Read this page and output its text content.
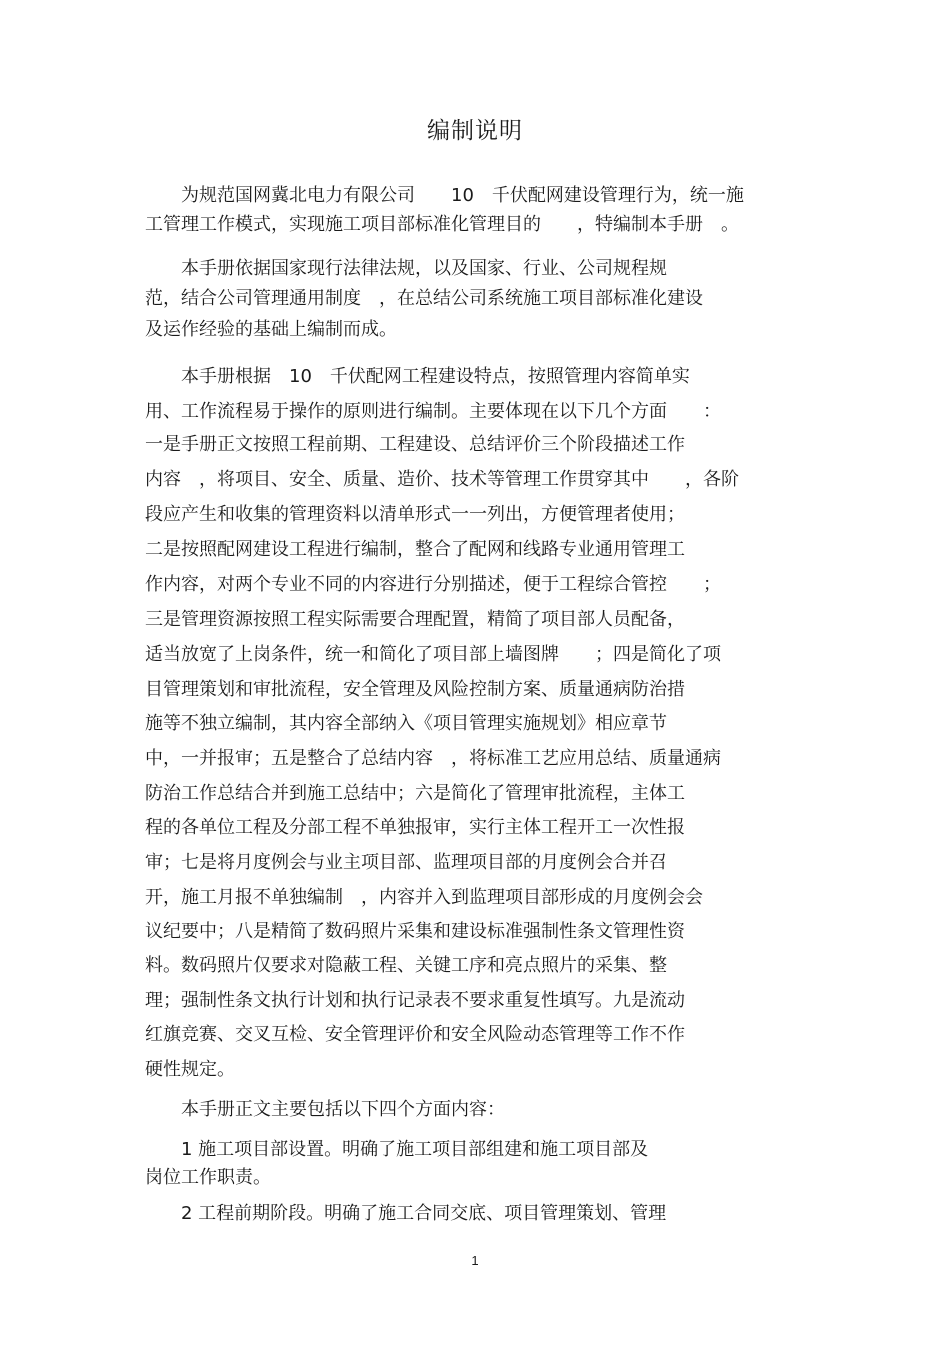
编制说明
　　为规范国网冀北电力有限公司　　10　千伏配网建设管理行为，统一施
工管理工作模式，实现施工项目部标准化管理目的　　，特编制本手册　。
　　本手册依据国家现行法律法规，以及国家、行业、公司规程规
范，结合公司管理通用制度　，在总结公司系统施工项目部标准化建设
及运作经验的基础上编制而成。
　　本手册根据　10　千伏配网工程建设特点，按照管理内容简单实
用、工作流程易于操作的原则进行编制。主要体现在以下几个方面　　：
一是手册正文按照工程前期、工程建设、总结评价三个阶段描述工作
内容　，将项目、安全、质量、造价、技术等管理工作贯穿其中　　，各阶
段应产生和收集的管理资料以清单形式一一列出，方便管理者使用；
二是按照配网建设工程进行编制，整合了配网和线路专业通用管理工
作内容，对两个专业不同的内容进行分别描述，便于工程综合管控　　；
三是管理资源按照工程实际需要合理配置，精简了项目部人员配备，
适当放宽了上岗条件，统一和简化了项目部上墙图牌　　；四是简化了项
目管理策划和审批流程，安全管理及风险控制方案、质量通病防治措
施等不独立编制，其内容全部纳入《项目管理实施规划》相应章节
中，一并报审；五是整合了总结内容　，将标准工艺应用总结、质量通病
防治工作总结合并到施工总结中；六是简化了管理审批流程，主体工
程的各单位工程及分部工程不单独报审，实行主体工程开工一次性报
审；七是将月度例会与业主项目部、监理项目部的月度例会合并召
开，施工月报不单独编制　，内容并入到监理项目部形成的月度例会会
议纪要中；八是精简了数码照片采集和建设标准强制性条文管理性资
料。数码照片仅要求对隐蔽工程、关键工序和亮点照片的采集、整
理；强制性条文执行计划和执行记录表不要求重复性填写。九是流动
红旗竞赛、交叉互检、安全管理评价和安全风险动态管理等工作不作
硬性规定。
　　本手册正文主要包括以下四个方面内容：
　　1 施工项目部设置。明确了施工项目部组建和施工项目部及
岗位工作职责。
　　2 工程前期阶段。明确了施工合同交底、项目管理策划、管理
1
